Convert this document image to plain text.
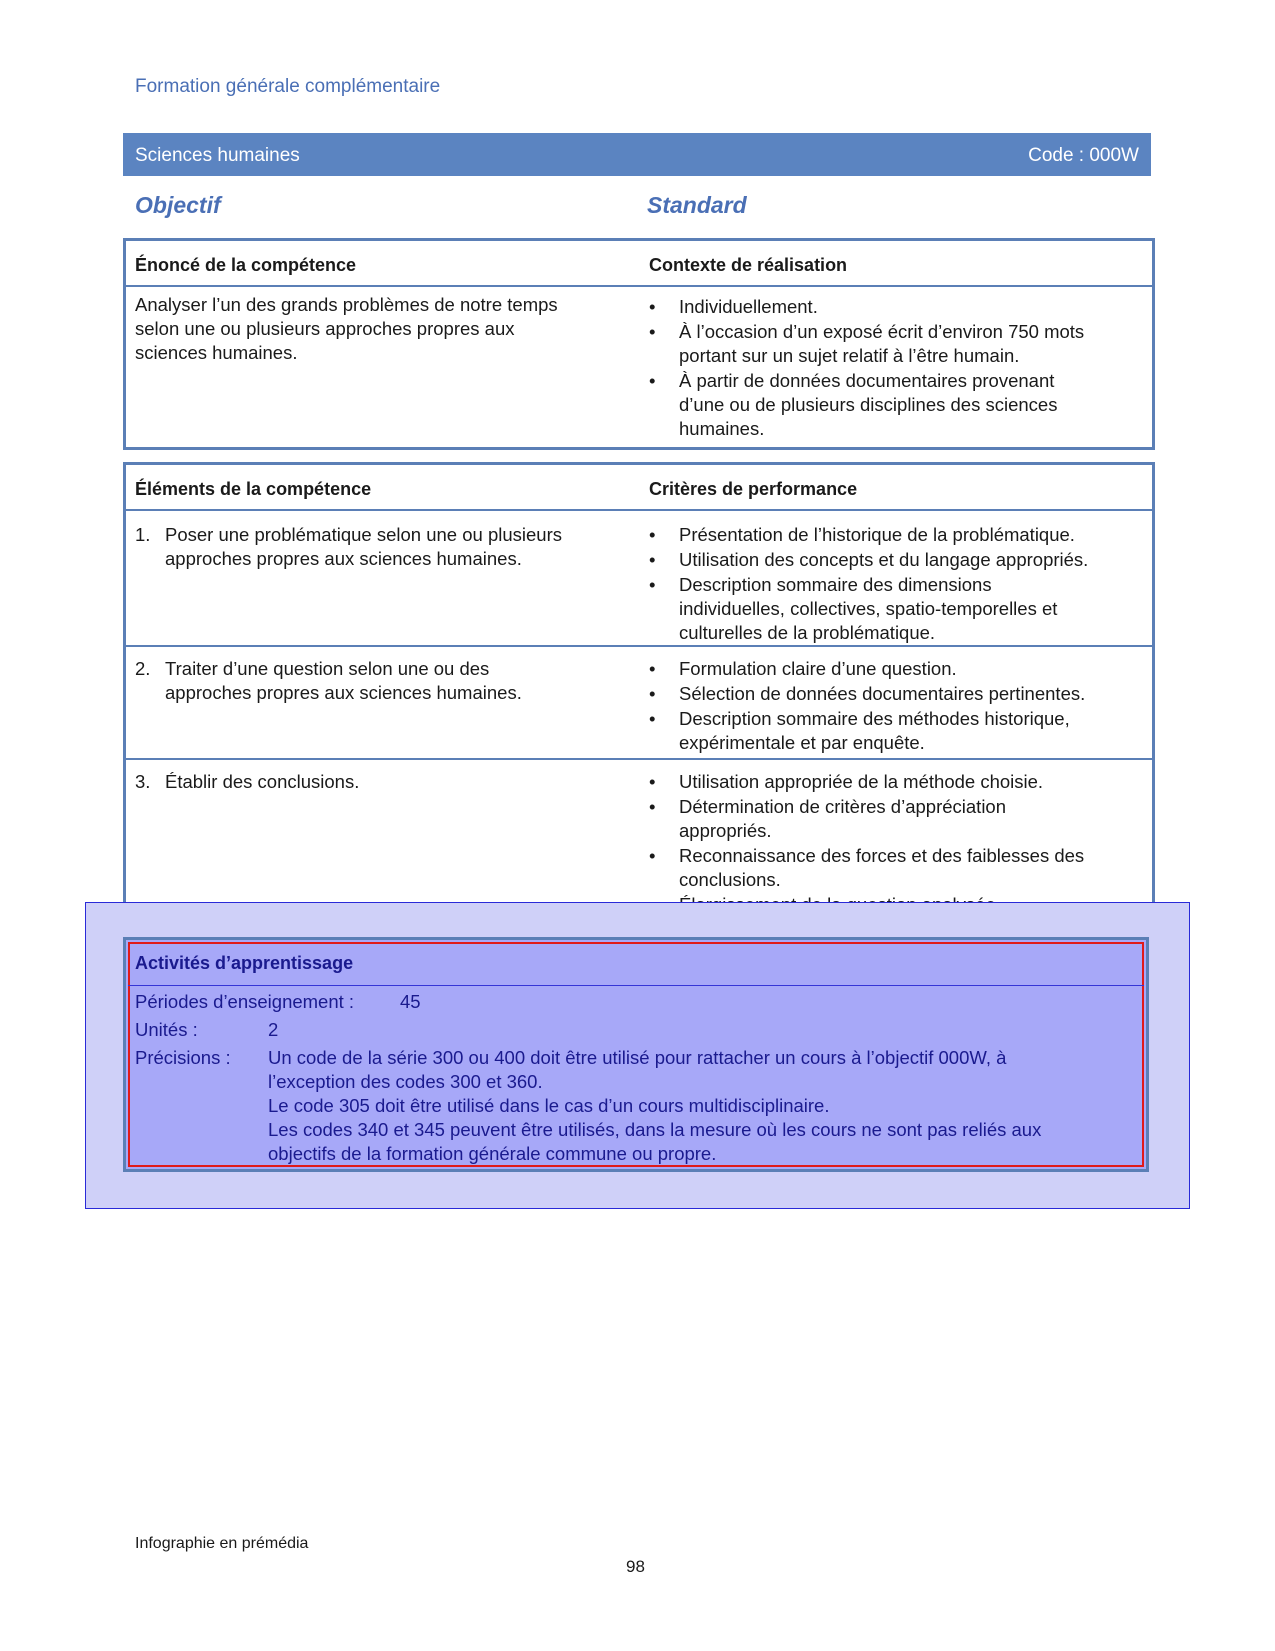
Formation générale complémentaire
Sciences humaines	Code : 000W
Objectif	Standard
Énoncé de la compétence	Contexte de réalisation
Analyser l’un des grands problèmes de notre temps
selon une ou plusieurs approches propres aux
sciences humaines.
•	Individuellement.
•	À l’occasion d’un exposé écrit d’environ 750 mots
portant sur un sujet relatif à l’être humain.
•	À partir de données documentaires provenant
d’une ou de plusieurs disciplines des sciences
humaines.
Éléments de la compétence	Critères de performance
1. Poser une problématique selon une ou plusieurs
approches propres aux sciences humaines.
•	Présentation de l’historique de la problématique.
•	Utilisation des concepts et du langage appropriés.
•	Description sommaire des dimensions
individuelles, collectives, spatio-temporelles et
culturelles de la problématique.
2. Traiter d’une question selon une ou des
approches propres aux sciences humaines.
•	Formulation claire d’une question.
•	Sélection de données documentaires pertinentes.
•	Description sommaire des méthodes historique,
expérimentale et par enquête.
3. Établir des conclusions.	•	Utilisation appropriée de la méthode choisie.
•	Détermination de critères d’appréciation
appropriés.
•	Reconnaissance des forces et des faiblesses des
conclusions.
Activités d’apprentissage
Périodes d’enseignement : 45
Unités :	2
Précisions : Un code de la série 300 ou 400 doit être utilisé pour rattacher un cours à l’objectif 000W, à
l’exception des codes 300 et 360.
Le code 305 doit être utilisé dans le cas d’un cours multidisciplinaire.
Les codes 340 et 345 peuvent être utilisés, dans la mesure où les cours ne sont pas reliés aux
objectifs de la formation générale commune ou propre.
Infographie en prémédia
98
